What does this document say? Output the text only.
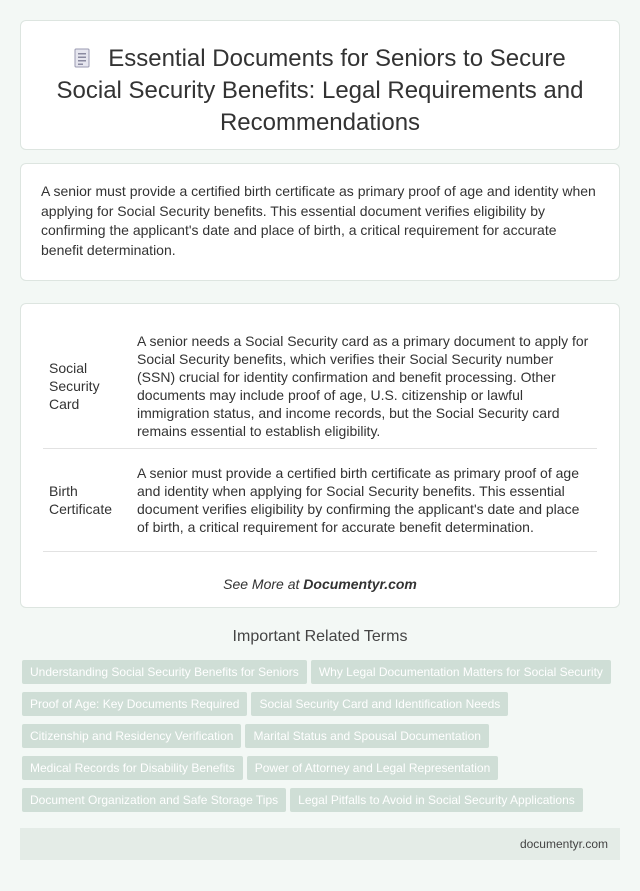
Essential Documents for Seniors to Secure Social Security Benefits: Legal Requirements and Recommendations

A senior must provide a certified birth certificate as primary proof of age and identity when applying for Social Security benefits. This essential document verifies eligibility by confirming the applicant's date and place of birth, a critical requirement for accurate benefit determination.

Social Security Card	A senior needs a Social Security card as a primary document to apply for Social Security benefits, which verifies their Social Security number (SSN) crucial for identity confirmation and benefit processing. Other documents may include proof of age, U.S. citizenship or lawful immigration status, and income records, but the Social Security card remains essential to establish eligibility.
Birth Certificate	A senior must provide a certified birth certificate as primary proof of age and identity when applying for Social Security benefits. This essential document verifies eligibility by confirming the applicant's date and place of birth, a critical requirement for accurate benefit determination.
See More at Documentyr.com
Important Related Terms
Understanding Social Security Benefits for Seniors Why Legal Documentation Matters for Social Security
Proof of Age: Key Documents Required Social Security Card and Identification Needs
Citizenship and Residency Verification Marital Status and Spousal Documentation
Medical Records for Disability Benefits Power of Attorney and Legal Representation
Document Organization and Safe Storage Tips Legal Pitfalls to Avoid in Social Security Applications
documentyr.com
